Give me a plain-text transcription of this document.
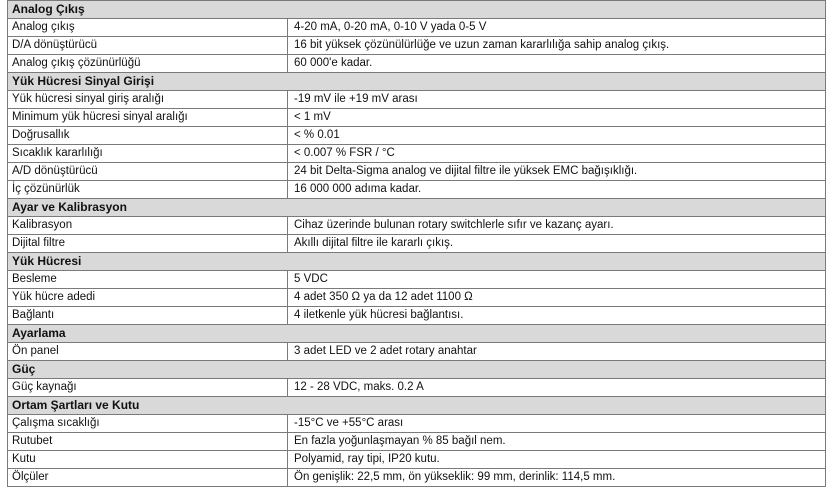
Analog Çıkış	
Analog çıkış	4-20 mA, 0-20 mA, 0-10 V yada 0-5 V
D/A dönüştürücü	16 bit yüksek çözünülürlüğe ve uzun zaman kararlılığa sahip analog çıkış.
Analog çıkış çözünürlüğü	60 000'e kadar.
Yük Hücresi Sinyal Girişi	
Yük hücresi sinyal giriş aralığı	-19 mV ile +19 mV arası
Minimum yük hücresi sinyal aralığı	< 1 mV
Doğrusallık	< % 0.01
Sıcaklık kararlılığı	< 0.007 % FSR / °C
A/D dönüştürücü	24 bit Delta-Sigma analog ve dijital filtre ile yüksek EMC bağışıklığı.
İç çözünürlük	16 000 000 adıma kadar.
Ayar ve Kalibrasyon	
Kalibrasyon	Cihaz üzerinde bulunan rotary switchlerle sıfır ve kazanç ayarı.
Dijital filtre	Akıllı dijital filtre ile kararlı çıkış.
Yük Hücresi	
Besleme	5 VDC
Yük hücre adedi	4 adet 350 Ω ya da 12 adet 1100 Ω
Bağlantı	4 iletkenle yük hücresi bağlantısı.
Ayarlama	
Ön panel	3 adet LED ve 2 adet rotary anahtar
Güç	
Güç kaynağı	12 - 28 VDC, maks. 0.2 A
Ortam Şartları ve Kutu	
Çalışma sıcaklığı	-15°C ve +55°C arası
Rutubet	En fazla yoğunlaşmayan % 85 bağıl nem.
Kutu	Polyamid, ray tipi, IP20 kutu.
Ölçüler	Ön genişlik: 22,5 mm, ön yükseklik: 99 mm, derinlik: 114,5 mm.
